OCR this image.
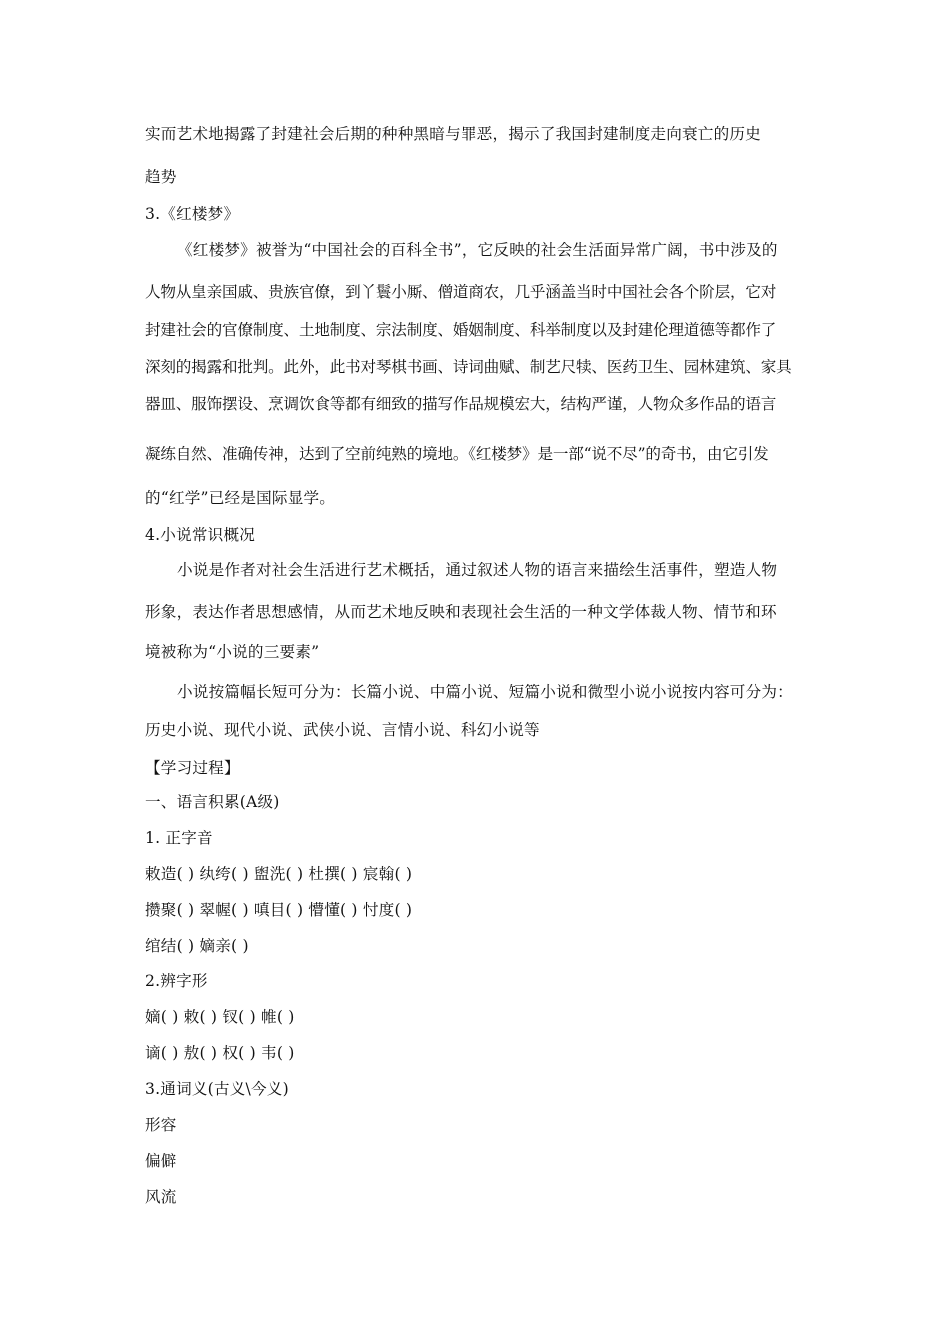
实而艺术地揭露了封建社会后期的种种黑暗与罪恶，揭示了我国封建制度走向衰亡的历史
趋势
3.《红楼梦》
《红楼梦》被誉为“中国社会的百科全书”，它反映的社会生活面异常广阔，书中涉及的
人物从皇亲国戚、贵族官僚，到丫鬟小厮、僧道商农，几乎涵盖当时中国社会各个阶层，它对
封建社会的官僚制度、土地制度、宗法制度、婚姻制度、科举制度以及封建伦理道德等都作了
深刻的揭露和批判。此外，此书对琴棋书画、诗词曲赋、制艺尺犊、医药卫生、园林建筑、家具
器皿、服饰摆设、烹调饮食等都有细致的描写作品规模宏大，结构严谨，人物众多作品的语言
凝练自然、准确传神，达到了空前纯熟的境地。《红楼梦》是一部“说不尽”的奇书，由它引发
的“红学”已经是国际显学。
4.小说常识概况
小说是作者对社会生活进行艺术概括，通过叙述人物的语言来描绘生活事件，塑造人物
形象，表达作者思想感情，从而艺术地反映和表现社会生活的一种文学体裁人物、情节和环
境被称为“小说的三要素”
小说按篇幅长短可分为：长篇小说、中篇小说、短篇小说和微型小说小说按内容可分为：
历史小说、现代小说、武侠小说、言情小说、科幻小说等
【学习过程】
一、语言积累(A级)
1. 正字音
敕造( ) 纨绔( ) 盥洗( ) 杜撰( ) 宸翰( )
攒聚( ) 翠幄( ) 嗔目( ) 懵懂( ) 忖度( )
绾结( ) 嫡亲( )
2.辨字形
嫡( ) 敕( ) 钗( ) 帷( )
谪( ) 敖( ) 权( ) 韦( )
3.通词义(古义\今义)
形容
偏僻
风流
